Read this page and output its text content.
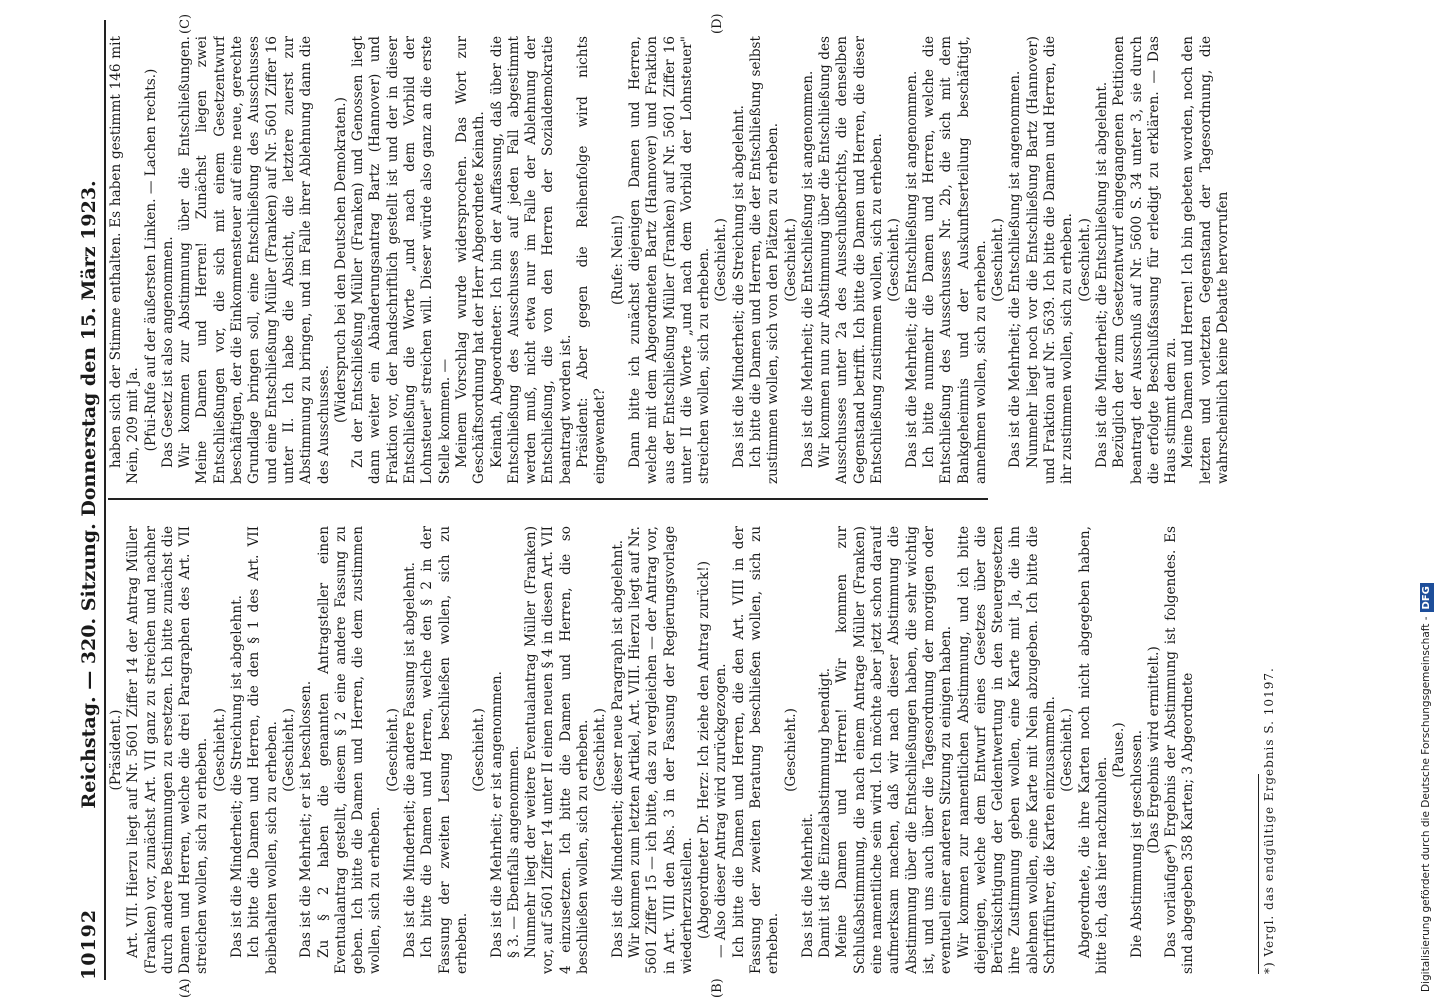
10192
Reichstag. — 320. Sitzung. Donnerstag den 15. März 1923.
(A)	(B)
(C)	(D)

(Präsident.) Art. VII. Hierzu liegt auf Nr. 5601 Ziffer 14 der Antrag Müller (Franken) vor, zunächst Art. VII ganz zu streichen und nachher durch andere Bestimmungen zu ersetzen. Ich bitte zunächst die Damen und Herren, welche die drei Paragraphen des Art. VII streichen wollen, sich zu erheben. (Geschieht.) Das ist die Minderheit; die Streichung ist abgelehnt. Ich bitte die Damen und Herren, die den § 1 des Art. VII beibehalten wollen, sich zu erheben. (Geschieht.) Das ist die Mehrheit; er ist beschlossen. Zu § 2 haben die genannten Antragsteller einen Eventualantrag gestellt, diesem § 2 eine andere Fassung zu geben. Ich bitte die Damen und Herren, die dem zustimmen wollen, sich zu erheben.

(Geschieht.) Das ist die Minderheit; die andere Fassung ist abgelehnt. Ich bitte die Damen und Herren, welche den § 2 in der Fassung der zweiten Lesung beschließen wollen, sich zu erheben.

(Geschieht.) Das ist die Mehrheit; er ist angenommen. § 3. — Ebenfalls angenommen. Nunmehr liegt der weitere Eventualantrag Müller (Franken) vor, auf 5601 Ziffer 14 unter II einen neuen § 4 in diesen Art. VII 4 einzusetzen. Ich bitte die Damen und Herren, die so beschließen wollen, sich zu erheben. (Geschieht.) Das ist die Minderheit; dieser neue Paragraph ist abgelehnt. Wir kommen zum letzten Artikel, Art. VIII. Hierzu liegt auf Nr. 5601 Ziffer 15 — ich bitte, das zu vergleichen — der Antrag vor, in Art. VIII den Abs. 3 in der Fassung der Regierungsvorlage wiederherzustellen. (Abgeordneter Dr. Herz: Ich ziehe den Antrag zurück!) — Also dieser Antrag wird zurückgezogen. Ich bitte die Damen und Herren, die den Art. VIII in der Fassung der zweiten Beratung beschließen wollen, sich zu erheben.

(Geschieht.)

Das ist die Mehrheit. Damit ist die Einzelabstimmung beendigt. Meine Damen und Herren! Wir kommen zur Schlußabstimmung, die nach einem Antrage Müller (Franken) eine namentliche sein wird. Ich möchte aber jetzt schon darauf aufmerksam machen, daß wir nach dieser Abstimmung die Abstimmung über die Entschließungen haben, die sehr wichtig ist, und uns auch über die Tagesordnung der morgigen oder eventuell einer anderen Sitzung zu einigen haben. Wir kommen zur namentlichen Abstimmung, und ich bitte diejenigen, welche dem Entwurf eines Gesetzes über die Berücksichtigung der Geldentwertung in den Steuergesetzen ihre Zustimmung geben wollen, eine Karte mit Ja, die ihn ablehnen wollen, eine Karte mit Nein abzugeben. Ich bitte die Schriftführer, die Karten einzusammeln. (Geschieht.) Abgeordnete, die ihre Karten noch nicht abgegeben haben, bitte ich, das hier nachzuholen.

(Pause.) Die Abstimmung ist geschlossen. (Das Ergebnis wird ermittelt.) Das vorläufige*) Ergebnis der Abstimmung ist folgendes. Es sind abgegeben 358 Karten; 3 Abgeordnete

haben sich der Stimme enthalten. Es haben gestimmt 146 mit Nein, 209 mit Ja. (Pfui-Rufe auf der äußersten Linken. — Lachen rechts.) Das Gesetz ist also angenommen. Wir kommen zur Abstimmung über die Entschließungen. Meine Damen und Herren! Zunächst liegen zwei Entschließungen vor, die sich mit einem Gesetzentwurf beschäftigen, der die Einkommensteuer auf eine neue, gerechte Grundlage bringen soll, eine Entschließung des Ausschusses und eine Entschließung Müller (Franken) auf Nr. 5601 Ziffer 16 unter II. Ich habe die Absicht, die letztere zuerst zur Abstimmung zu bringen, und im Falle ihrer Ablehnung dann die des Ausschusses.

(Widerspruch bei den Deutschen Demokraten.) Zu der Entschließung Müller (Franken) und Genossen liegt dann weiter ein Abänderungsantrag Bartz (Hannover) und Fraktion vor, der handschriftlich gestellt ist und der in dieser Entschließung die Worte „und nach dem Vorbild der Lohnsteuer" streichen will. Dieser würde also ganz an die erste Stelle kommen. — Meinem Vorschlag wurde widersprochen. Das Wort zur Geschäftsordnung hat der Herr Abgeordnete Keinath. Keinath, Abgeordneter: Ich bin der Auffassung, daß über die Entschließung des Ausschusses auf jeden Fall abgestimmt werden muß, nicht etwa nur im Falle der Ablehnung der Entschließung, die von den Herren der Sozialdemokratie beantragt worden ist. Präsident: Aber gegen die Reihenfolge wird nichts eingewendet?

(Rufe: Nein!) Dann bitte ich zunächst diejenigen Damen und Herren, welche mit dem Abgeordneten Bartz (Hannover) und Fraktion aus der Entschließung Müller (Franken) auf Nr. 5601 Ziffer 16 unter II die Worte „und nach dem Vorbild der Lohnsteuer" streichen wollen, sich zu erheben. (Geschieht.) Das ist die Minderheit; die Streichung ist abgelehnt. Ich bitte die Damen und Herren, die der Entschließung selbst zustimmen wollen, sich von den Plätzen zu erheben. (Geschieht.) Das ist die Mehrheit; die Entschließung ist angenommen. Wir kommen nun zur Abstimmung über die Entschließung des Ausschusses unter 2a des Ausschußberichts, die denselben Gegenstand betrifft. Ich bitte die Damen und Herren, die dieser Entschließung zustimmen wollen, sich zu erheben. (Geschieht.) Das ist die Mehrheit; die Entschließung ist angenommen. Ich bitte nunmehr die Damen und Herren, welche die Entschließung des Ausschusses Nr. 2b, die sich mit dem Bankgeheimnis und der Auskunftserteilung beschäftigt, annehmen wollen, sich zu erheben. (Geschieht.) Das ist die Mehrheit; die Entschließung ist angenommen. Nunmehr liegt noch vor die Entschließung Bartz (Hannover) und Fraktion auf Nr. 5639. Ich bitte die Damen und Herren, die ihr zustimmen wollen, sich zu erheben. (Geschieht.) Das ist die Minderheit; die Entschließung ist abgelehnt. Bezüglich der zum Gesetzentwurf eingegangenen Petitionen beantragt der Ausschuß auf Nr. 5600 S. 34 unter 3, sie durch die erfolgte Beschlußfassung für erledigt zu erklären. — Das Haus stimmt dem zu. Meine Damen und Herren! Ich bin gebeten worden, noch den letzten und vorletzten Gegenstand der Tagesordnung, die wahrscheinlich keine Debatte hervorrufen

*) Vergl. das endgültige Ergebnis S. 10197.	Digitalisierung gefördert durch die Deutsche Forschungsgemeinschaft -DFG
